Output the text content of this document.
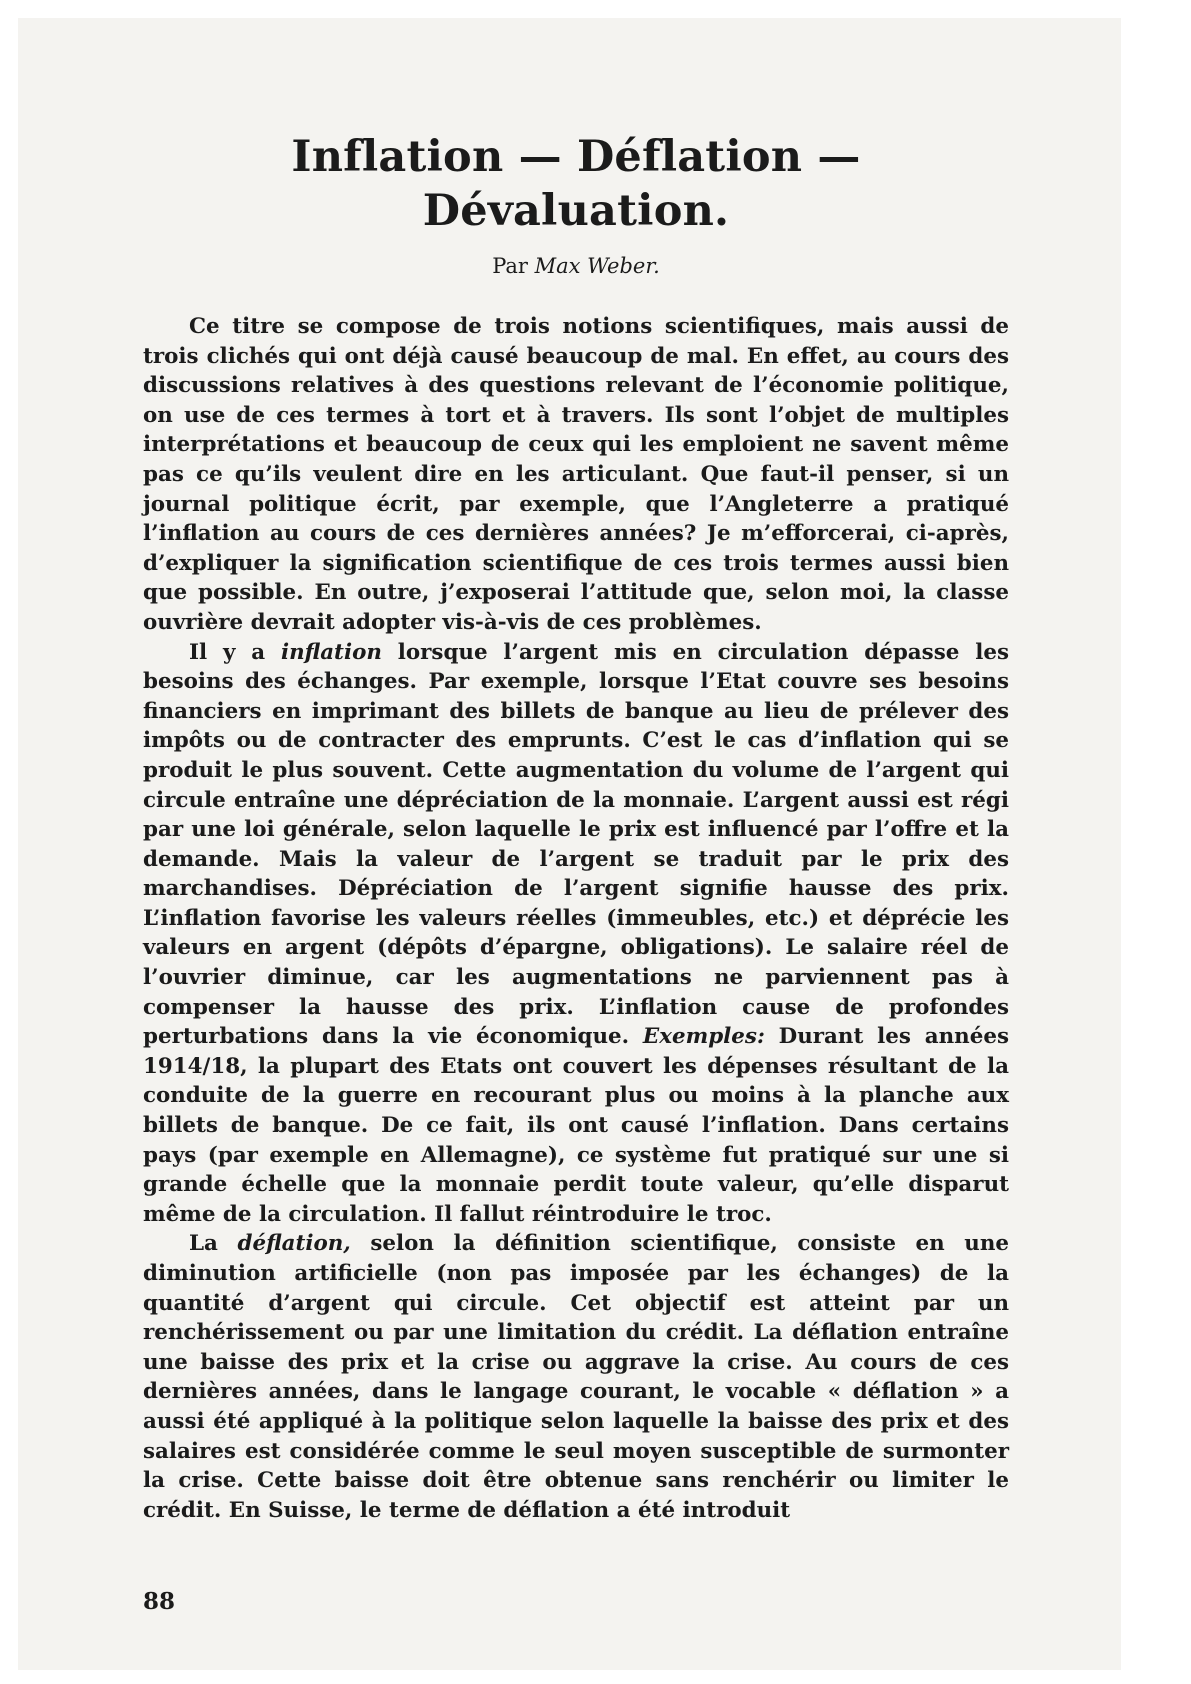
Inflation — Déflation — Dévaluation.
Par Max Weber.

Ce titre se compose de trois notions scientifiques, mais aussi de trois clichés qui ont déjà causé beaucoup de mal. En effet, au cours des discussions relatives à des questions relevant de l’économie politique, on use de ces termes à tort et à travers. Ils sont l’objet de multiples interprétations et beaucoup de ceux qui les emploient ne savent même pas ce qu’ils veulent dire en les articulant. Que faut-il penser, si un journal politique écrit, par exemple, que l’Angleterre a pratiqué l’inflation au cours de ces dernières années? Je m’efforcerai, ci-après, d’expliquer la signification scientifique de ces trois termes aussi bien que possible. En outre, j’exposerai l’attitude que, selon moi, la classe ouvrière devrait adopter vis-à-vis de ces problèmes.

Il y a inflation lorsque l’argent mis en circulation dépasse les besoins des échanges. Par exemple, lorsque l’Etat couvre ses besoins financiers en imprimant des billets de banque au lieu de prélever des impôts ou de contracter des emprunts. C’est le cas d’inflation qui se produit le plus souvent. Cette augmentation du volume de l’argent qui circule entraîne une dépréciation de la monnaie. L’argent aussi est régi par une loi générale, selon laquelle le prix est influencé par l’offre et la demande. Mais la valeur de l’argent se traduit par le prix des marchandises. Dépréciation de l’argent signifie hausse des prix. L’inflation favorise les valeurs réelles (immeubles, etc.) et déprécie les valeurs en argent (dépôts d’épargne, obligations). Le salaire réel de l’ouvrier diminue, car les augmentations ne parviennent pas à compenser la hausse des prix. L’inflation cause de profondes perturbations dans la vie économique. Exemples: Durant les années 1914/18, la plupart des Etats ont couvert les dépenses résultant de la conduite de la guerre en recourant plus ou moins à la planche aux billets de banque. De ce fait, ils ont causé l’inflation. Dans certains pays (par exemple en Allemagne), ce système fut pratiqué sur une si grande échelle que la monnaie perdit toute valeur, qu’elle disparut même de la circulation. Il fallut réintroduire le troc.

La déflation, selon la définition scientifique, consiste en une diminution artificielle (non pas imposée par les échanges) de la quantité d’argent qui circule. Cet objectif est atteint par un renchérissement ou par une limitation du crédit. La déflation entraîne une baisse des prix et la crise ou aggrave la crise. Au cours de ces dernières années, dans le langage courant, le vocable « déflation » a aussi été appliqué à la politique selon laquelle la baisse des prix et des salaires est considérée comme le seul moyen susceptible de surmonter la crise. Cette baisse doit être obtenue sans renchérir ou limiter le crédit. En Suisse, le terme de déflation a été introduit

88
